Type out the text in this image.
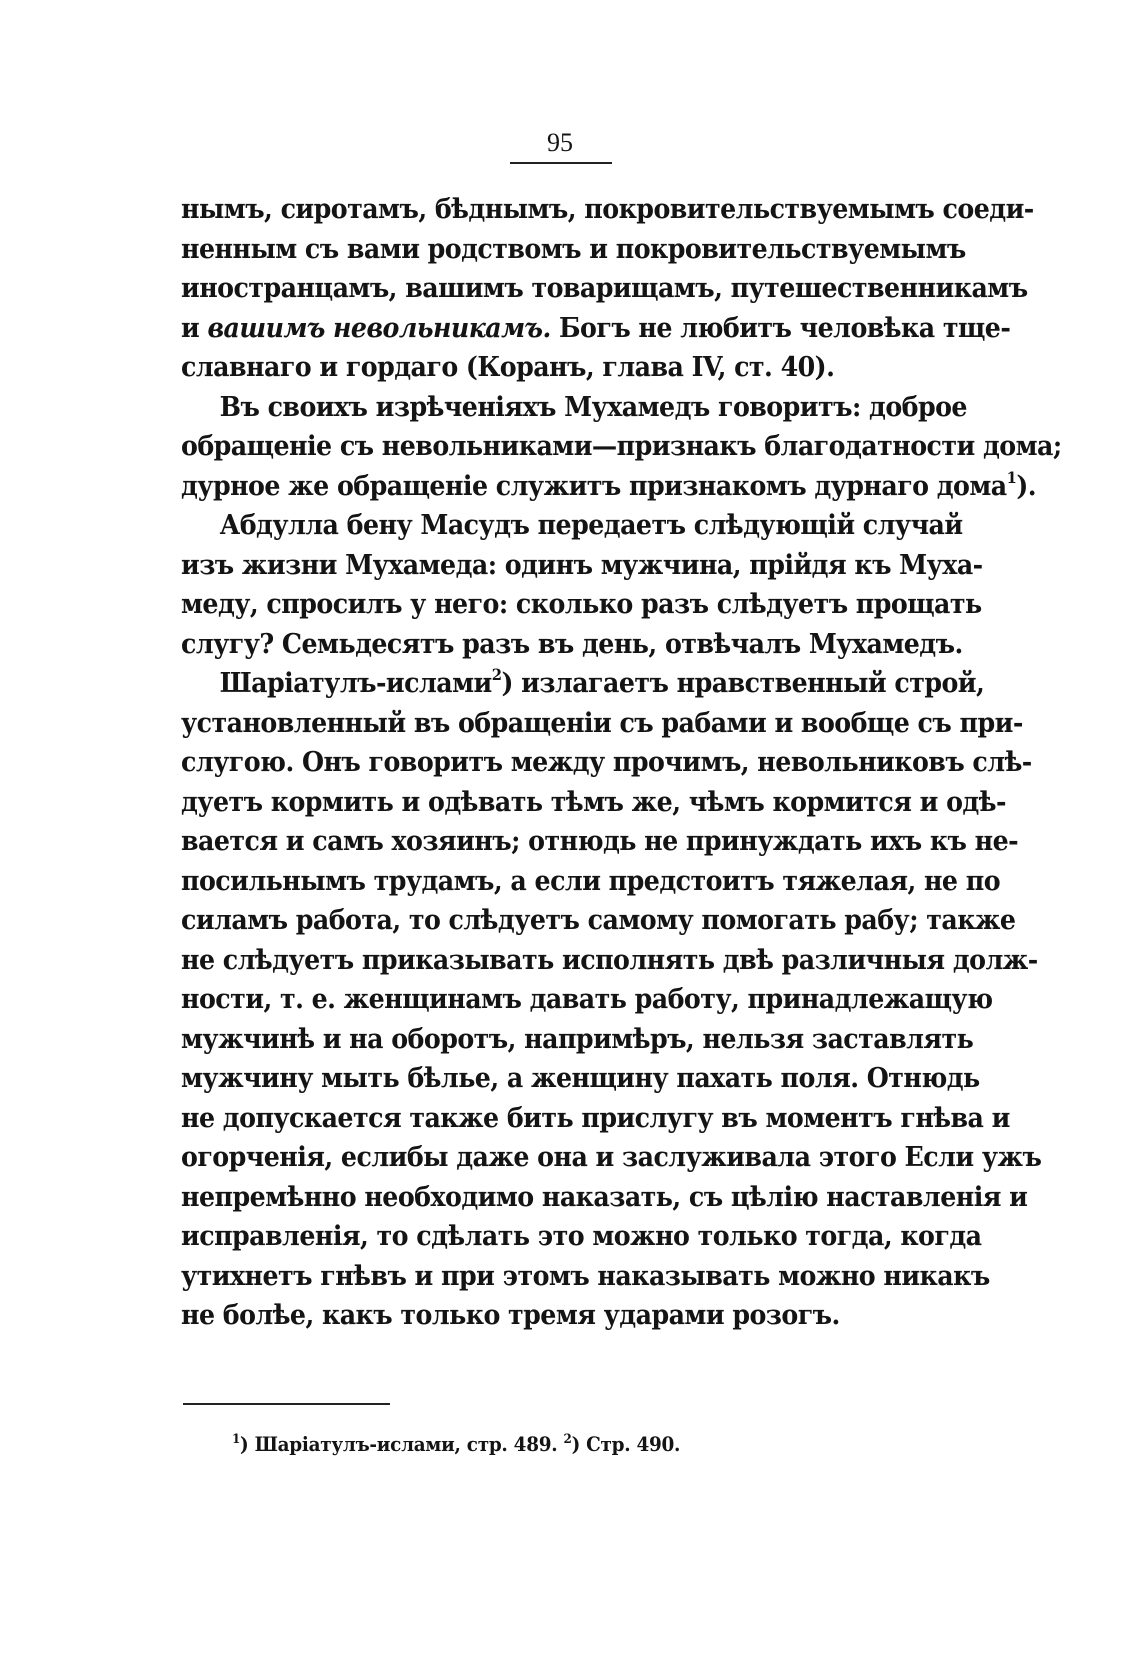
95
нымъ, сиротамъ, бѣднымъ, покровительствуемымъ соеди-
ненным съ вами родствомъ и покровительствуемымъ
иностранцамъ, вашимъ товарищамъ, путешественникамъ
и вашимъ невольникамъ. Богъ не любитъ человѣка тще-
славнаго и гордаго (Коранъ, глава IV, ст. 40).
Въ своихъ изрѣченіяхъ Мухамедъ говоритъ: доброе
обращеніе съ невольниками—признакъ благодатности дома;
дурное же обращеніе служитъ признакомъ дурнаго дома$^1$).
Абдулла бену Масудъ передаетъ слѣдующій случай
изъ жизни Мухамеда: одинъ мужчина, прійдя къ Муха-
меду, спросилъ у него: сколько разъ слѣдуетъ прощать
слугу? Семьдесятъ разъ въ день, отвѣчалъ Мухамедъ.
Шаріатулъ-ислами$^2$) излагаетъ нравственный строй,
установленный въ обращеніи съ рабами и вообще съ при-
слугою. Онъ говоритъ между прочимъ, невольниковъ слѣ-
дуетъ кормить и одѣвать тѣмъ же, чѣмъ кормится и одѣ-
вается и самъ хозяинъ; отнюдь не принуждать ихъ къ не-
посильнымъ трудамъ, а если предстоитъ тяжелая, не по
силамъ работа, то слѣдуетъ самому помогать рабу; также
не слѣдуетъ приказывать исполнять двѣ различныя долж-
ности, т. е. женщинамъ давать работу, принадлежащую
мужчинѣ и на оборотъ, напримѣръ, нельзя заставлять
мужчину мыть бѣлье, а женщину пахать поля. Отнюдь
не допускается также бить прислугу въ моментъ гнѣва и
огорченія, еслибы даже она и заслуживала этого Если ужъ
непремѣнно необходимо наказать, съ цѣлію наставленія и
исправленія, то сдѣлать это можно только тогда, когда
утихнетъ гнѣвъ и при этомъ наказывать можно никакъ
не болѣе, какъ только тремя ударами розогъ.
$^1$) Шаріатулъ-ислами, стр. 489. $^2$) Стр. 490.
